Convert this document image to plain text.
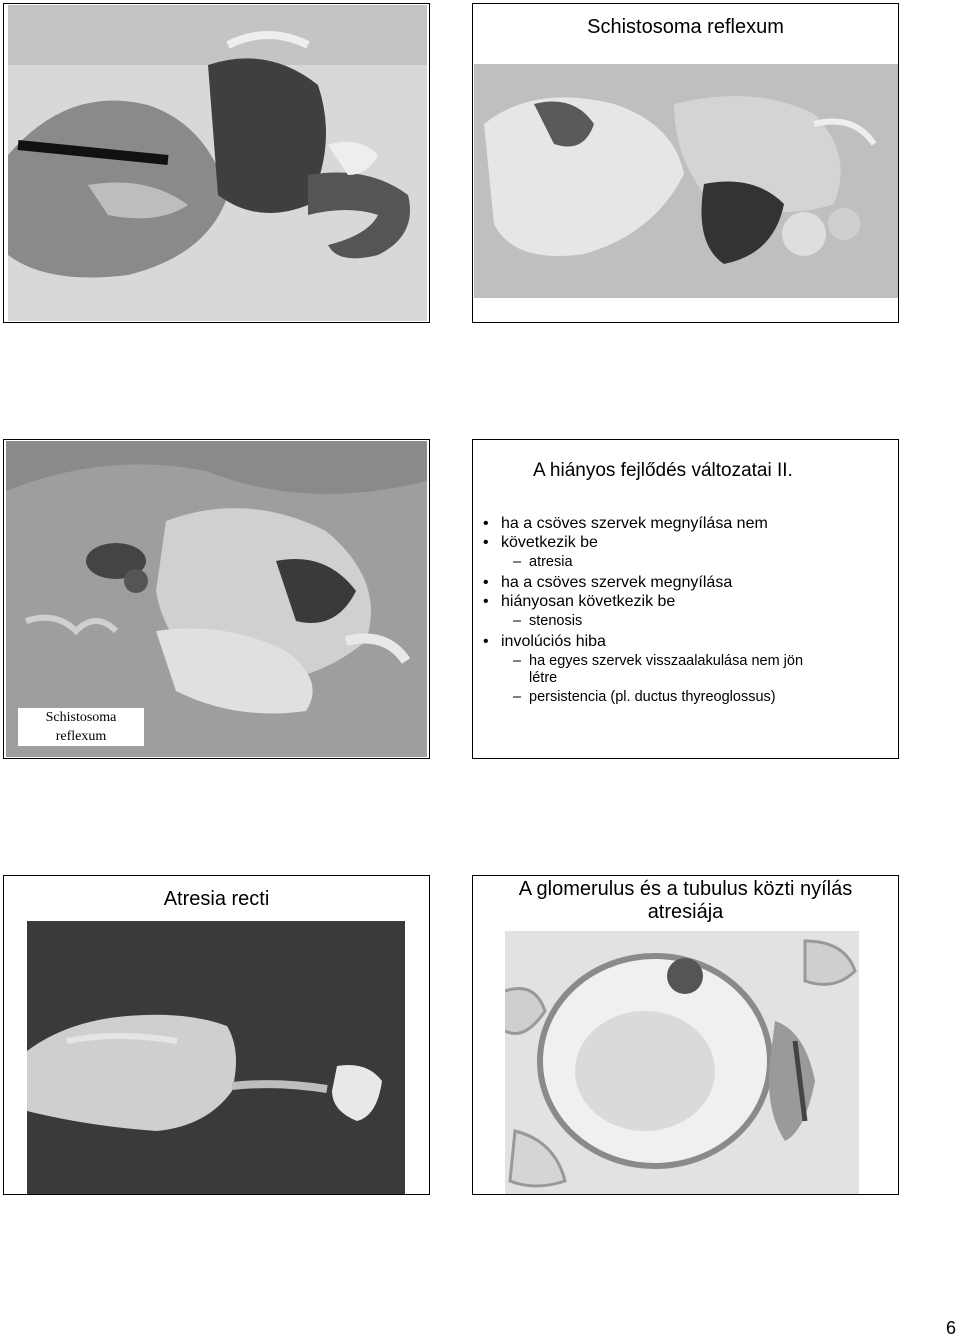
Schistosoma reflexum
Schistosoma
reflexum
A hiányos fejlődés változatai II.
• ha a csöves szervek megnyílása nem
• következik be
– atresia
• ha a csöves szervek megnyílása
• hiányosan következik be
– stenosis
• involúciós hiba
– ha egyes szervek visszaalakulása nem jön
létre
– persistencia (pl. ductus thyreoglossus)
Atresia recti	A glomerulus és a tubulus közti nyílás
atresiája
6
